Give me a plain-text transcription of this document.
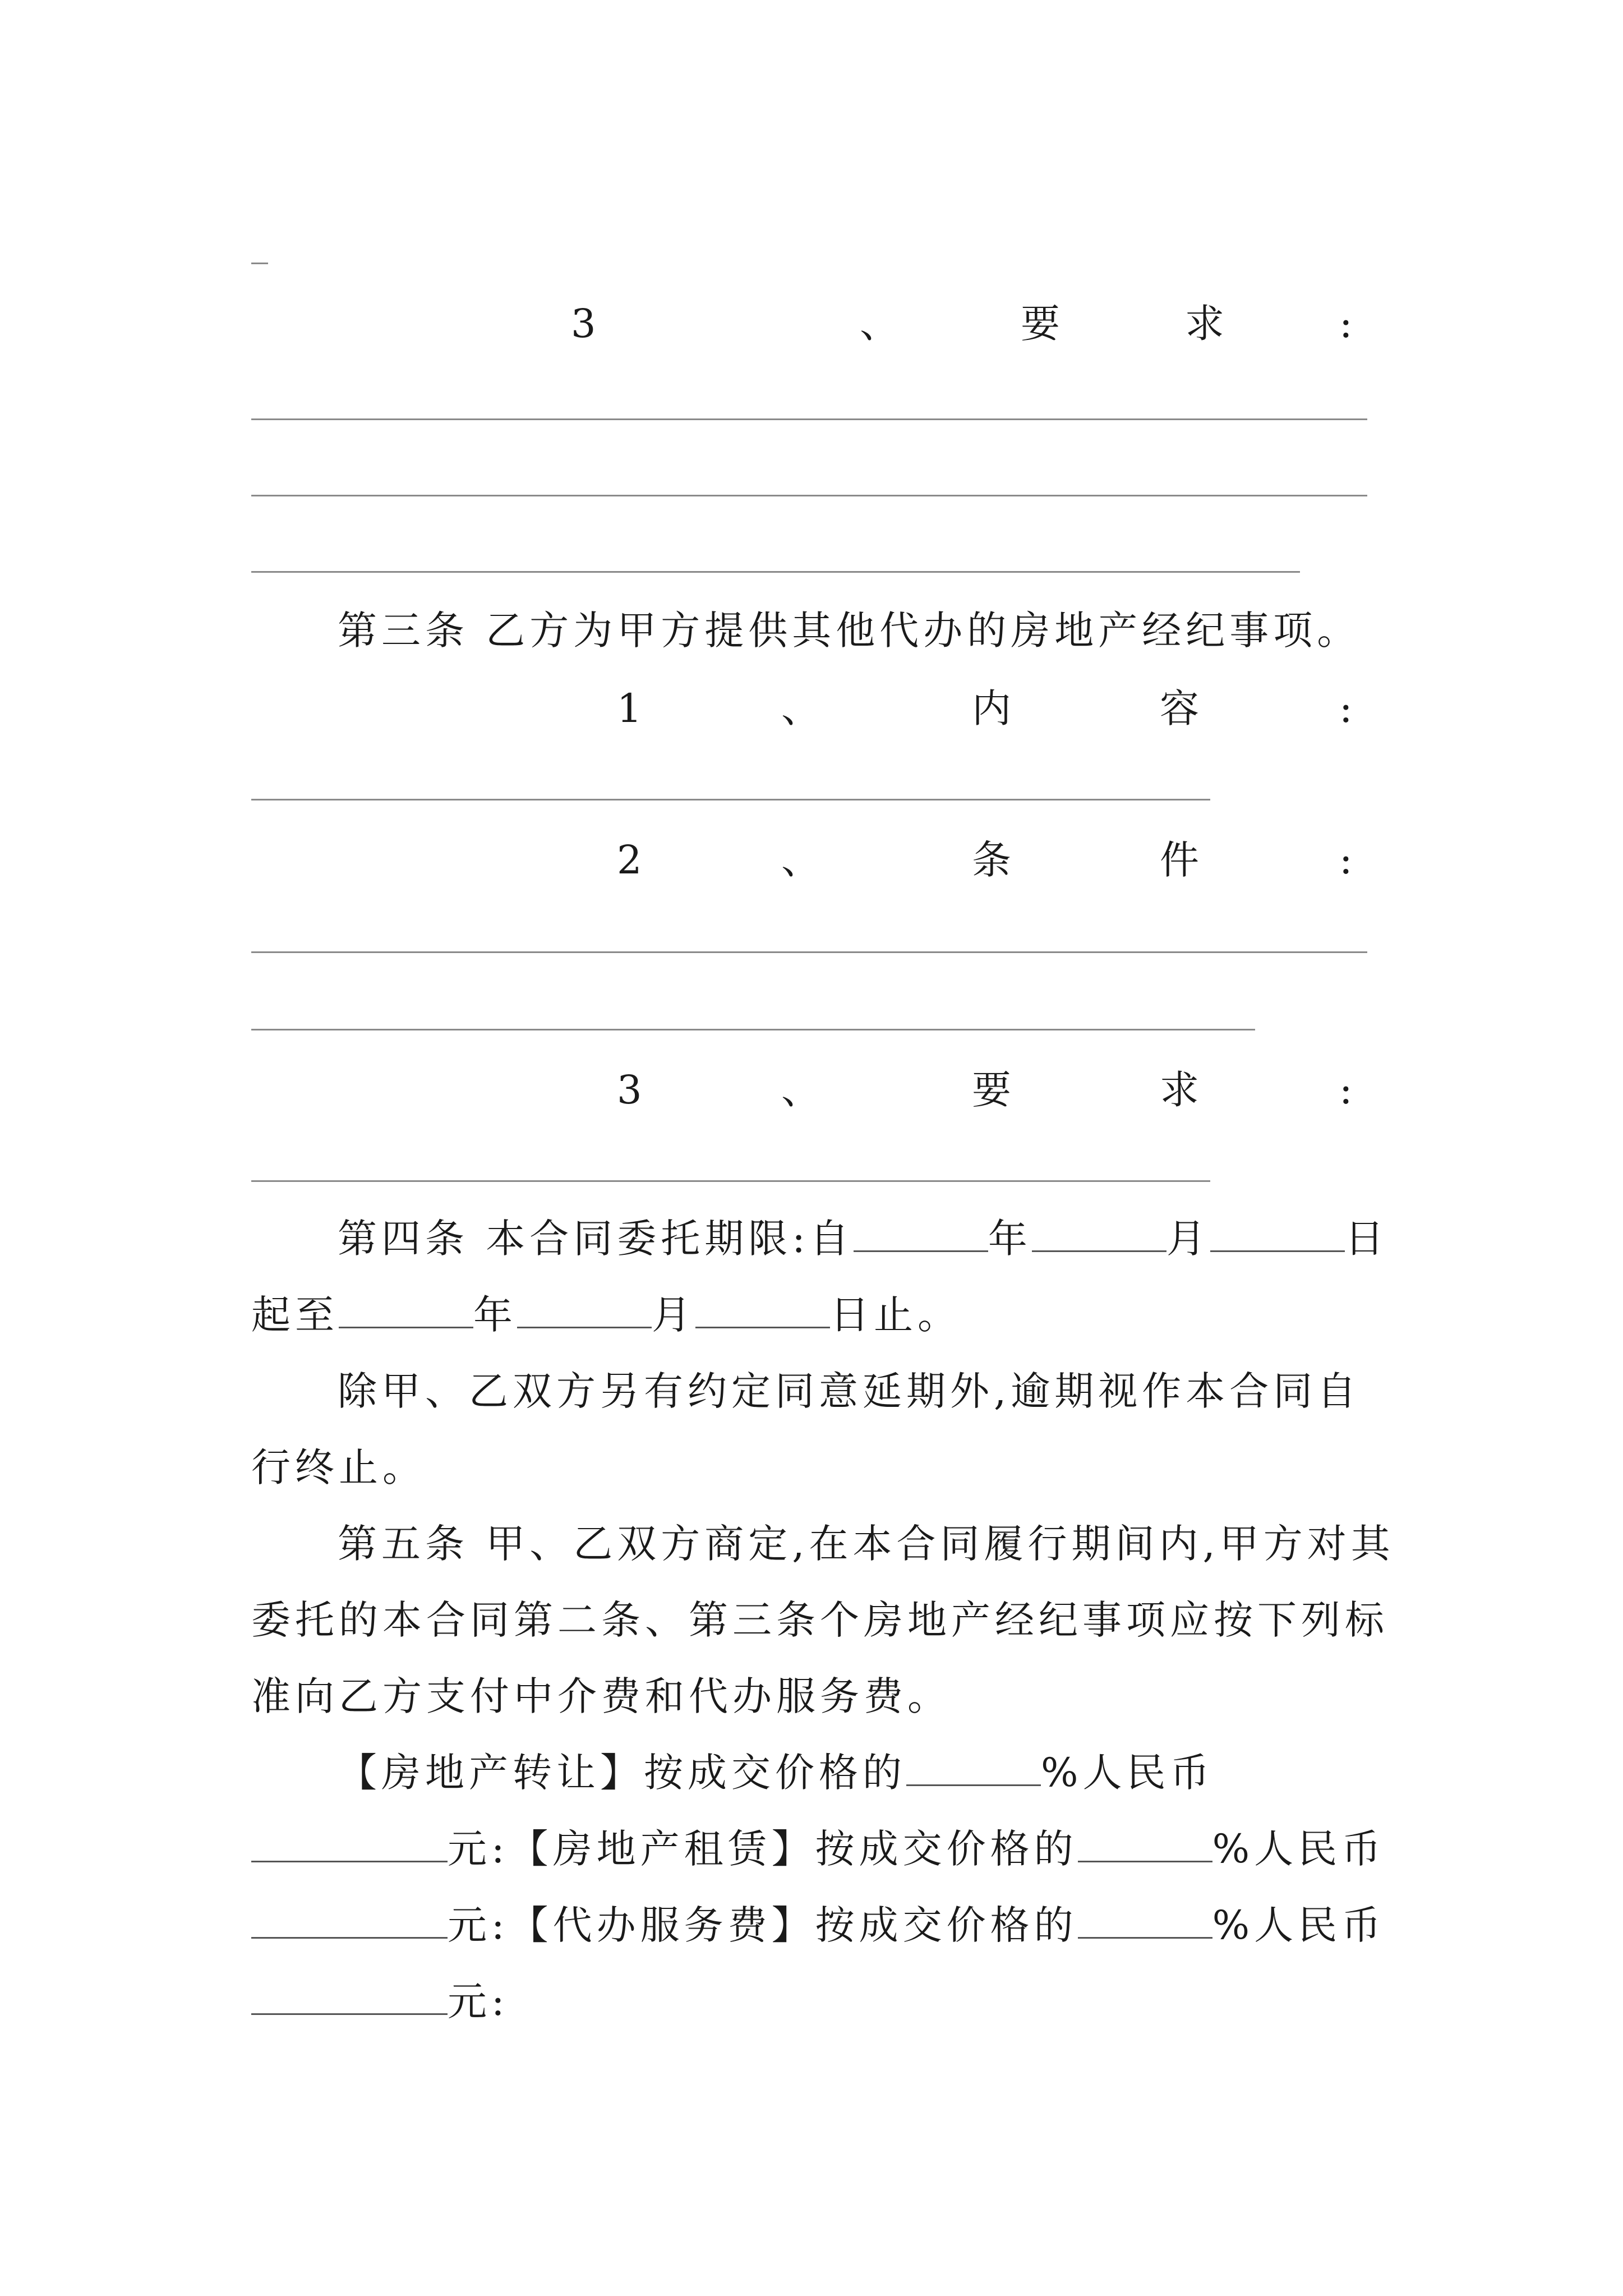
3	、	要	求	:
第三条 乙方为甲方提供其他代办的房地产经纪事项。
1	、	内	容	:
2	、	条	件	:
3	、	要	求	:

第四条 本合同委托期限:自	年	月	日起至	年	月	日止。

除甲、乙双方另有约定同意延期外,逾期视作本合同自行终止。

第五条 甲、乙双方商定,在本合同履行期间内,甲方对其委托的本合同第二条、第三条个房地产经纪事项应按下列标准向乙方支付中介费和代办服务费。

【房地产转让】按成交价格的	%人民币元:【房地产租赁】按成交价格的	%人民币元:【代办服务费】按成交价格的	%人民币元:
